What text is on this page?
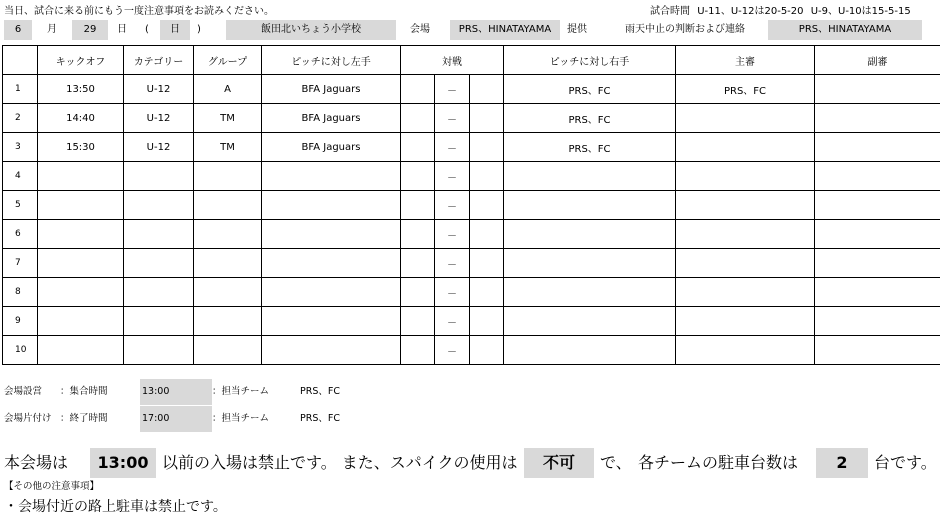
当日、試合に来る前にもう一度注意事項をお読みください。	試合時間 U-11、U-12は20-5-20 U-9、U-10は15-5-15
6	月	29	日	(	日	)	飯田北いちょう小学校	会場	PRS、HINATAYAMA	提供	雨天中止の判断および連絡	PRS、HINATAYAMA
	キックオフ	カテゴリー	グループ	ピッチに対し左手	対戦			ピッチに対し右手	主審	副審
1	13:50	U-12	A	BFA Jaguars		－		PRS、FC	PRS、FC	
2	14:40	U-12	TM	BFA Jaguars		－		PRS、FC		
3	15:30	U-12	TM	BFA Jaguars		－		PRS、FC		
4						－				
5						－				
6						－				
7						－				
8						－				
9						－				
10						－				
会場設営	：集合時間	13:00	：担当チーム	PRS、FC
会場片付け ：終了時間	17:00	：担当チーム	PRS、FC
本会場は	13:00 以前の入場は禁止です。 また、スパイクの使用は	不可	で、 各チームの駐車台数は	2	台です。
【その他の注意事項】
・会場付近の路上駐車は禁止です。
